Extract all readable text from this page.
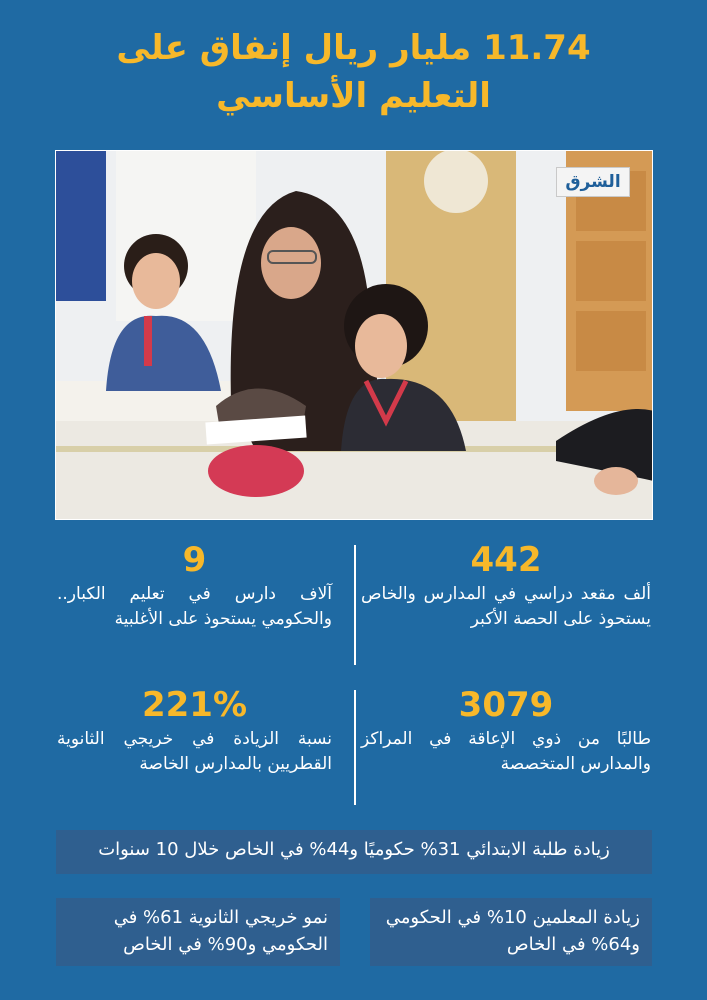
11.74 مليار ريال إنفاق على
التعليم الأساسي
الشرق
442
ألف مقعد دراسي في المدارس والخاص يستحوذ على الحصة الأكبر
9
آلاف دارس في تعليم الكبار.. والحكومي يستحوذ على الأغلبية
3079
طالبًا من ذوي الإعاقة في المراكز والمدارس المتخصصة
221%
نسبة الزيادة في خريجي الثانوية القطريين بالمدارس الخاصة
زيادة طلبة الابتدائي 31% حكوميًا و44% في الخاص خلال 10 سنوات
زيادة المعلمين 10% في الحكومي و64% في الخاص
نمو خريجي الثانوية 61% في الحكومي و90% في الخاص
